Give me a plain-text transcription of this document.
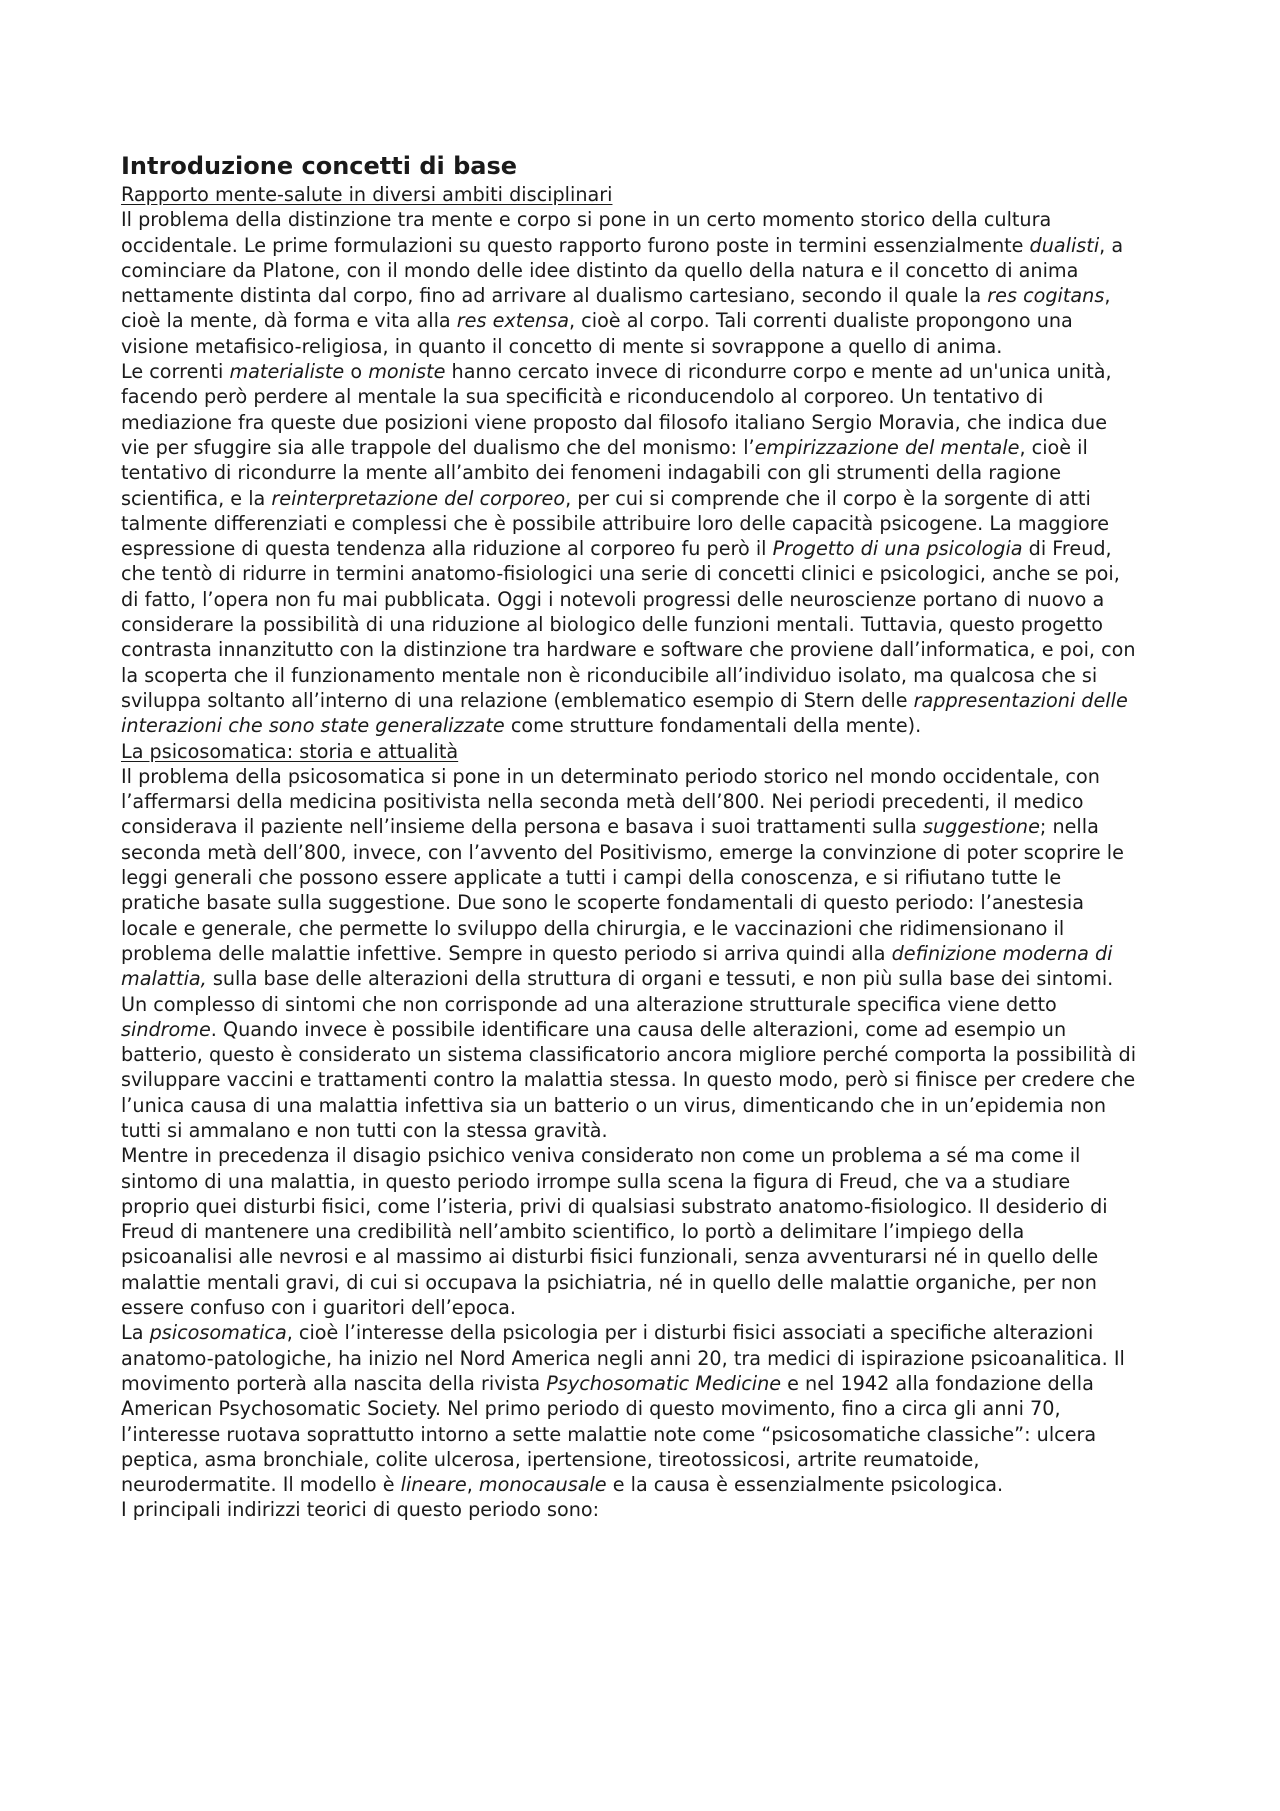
Introduzione concetti di base
Rapporto mente-salute in diversi ambiti disciplinari

Il problema della distinzione tra mente e corpo si pone in un certo momento storico della cultura occidentale. Le prime formulazioni su questo rapporto furono poste in termini essenzialmente dualisti, a cominciare da Platone, con il mondo delle idee distinto da quello della natura e il concetto di anima nettamente distinta dal corpo, fino ad arrivare al dualismo cartesiano, secondo il quale la res cogitans, cioè la mente, dà forma e vita alla res extensa, cioè al corpo. Tali correnti dualiste propongono una visione metafisico-religiosa, in quanto il concetto di mente si sovrappone a quello di anima.

Le correnti materialiste o moniste hanno cercato invece di ricondurre corpo e mente ad un'unica unità, facendo però perdere al mentale la sua specificità e riconducendolo al corporeo. Un tentativo di mediazione fra queste due posizioni viene proposto dal filosofo italiano Sergio Moravia, che indica due vie per sfuggire sia alle trappole del dualismo che del monismo: l’empirizzazione del mentale, cioè il tentativo di ricondurre la mente all’ambito dei fenomeni indagabili con gli strumenti della ragione scientifica, e la reinterpretazione del corporeo, per cui si comprende che il corpo è la sorgente di atti talmente differenziati e complessi che è possibile attribuire loro delle capacità psicogene. La maggiore espressione di questa tendenza alla riduzione al corporeo fu però il Progetto di una psicologia di Freud, che tentò di ridurre in termini anatomo-fisiologici una serie di concetti clinici e psicologici, anche se poi, di fatto, l’opera non fu mai pubblicata. Oggi i notevoli progressi delle neuroscienze portano di nuovo a considerare la possibilità di una riduzione al biologico delle funzioni mentali. Tuttavia, questo progetto contrasta innanzitutto con la distinzione tra hardware e software che proviene dall’informatica, e poi, con la scoperta che il funzionamento mentale non è riconducibile all’individuo isolato, ma qualcosa che si sviluppa soltanto all’interno di una relazione (emblematico esempio di Stern delle rappresentazioni delle interazioni che sono state generalizzate come strutture fondamentali della mente).

La psicosomatica: storia e attualità

Il problema della psicosomatica si pone in un determinato periodo storico nel mondo occidentale, con l’affermarsi della medicina positivista nella seconda metà dell’800. Nei periodi precedenti, il medico considerava il paziente nell’insieme della persona e basava i suoi trattamenti sulla suggestione; nella seconda metà dell’800, invece, con l’avvento del Positivismo, emerge la convinzione di poter scoprire le leggi generali che possono essere applicate a tutti i campi della conoscenza, e si rifiutano tutte le pratiche basate sulla suggestione. Due sono le scoperte fondamentali di questo periodo: l’anestesia locale e generale, che permette lo sviluppo della chirurgia, e le vaccinazioni che ridimensionano il problema delle malattie infettive. Sempre in questo periodo si arriva quindi alla definizione moderna di malattia, sulla base delle alterazioni della struttura di organi e tessuti, e non più sulla base dei sintomi. Un complesso di sintomi che non corrisponde ad una alterazione strutturale specifica viene detto sindrome. Quando invece è possibile identificare una causa delle alterazioni, come ad esempio un batterio, questo è considerato un sistema classificatorio ancora migliore perché comporta la possibilità di sviluppare vaccini e trattamenti contro la malattia stessa. In questo modo, però si finisce per credere che l’unica causa di una malattia infettiva sia un batterio o un virus, dimenticando che in un’epidemia non tutti si ammalano e non tutti con la stessa gravità.

Mentre in precedenza il disagio psichico veniva considerato non come un problema a sé ma come il sintomo di una malattia, in questo periodo irrompe sulla scena la figura di Freud, che va a studiare proprio quei disturbi fisici, come l’isteria, privi di qualsiasi substrato anatomo-fisiologico. Il desiderio di Freud di mantenere una credibilità nell’ambito scientifico, lo portò a delimitare l’impiego della psicoanalisi alle nevrosi e al massimo ai disturbi fisici funzionali, senza avventurarsi né in quello delle malattie mentali gravi, di cui si occupava la psichiatria, né in quello delle malattie organiche, per non essere confuso con i guaritori dell’epoca.

La psicosomatica, cioè l’interesse della psicologia per i disturbi fisici associati a specifiche alterazioni anatomo-patologiche, ha inizio nel Nord America negli anni 20, tra medici di ispirazione psicoanalitica. Il movimento porterà alla nascita della rivista Psychosomatic Medicine e nel 1942 alla fondazione della American Psychosomatic Society. Nel primo periodo di questo movimento, fino a circa gli anni 70, l’interesse ruotava soprattutto intorno a sette malattie note come “psicosomatiche classiche”: ulcera peptica, asma bronchiale, colite ulcerosa, ipertensione, tireotossicosi, artrite reumatoide, neurodermatite. Il modello è lineare, monocausale e la causa è essenzialmente psicologica.

I principali indirizzi teorici di questo periodo sono:
